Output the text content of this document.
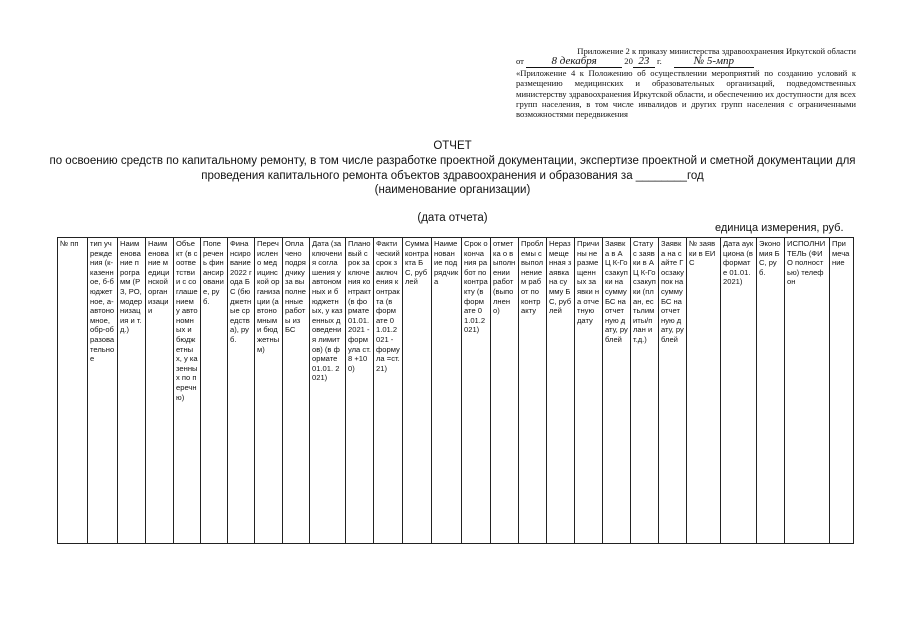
Приложение 2 к приказу министерства здравоохранения Иркутской области
от	8 декабря	20 23 г.	№ 5-мпр
«Приложение 4 к Положению об осуществлении мероприятий по созданию условий к размещению медицинских и образовательных организаций, подведомственных министерству здравоохранения Иркутской области, и обеспечению их доступности для всех групп населения, в том числе инвалидов и других групп населения с ограниченными возможностями передвижения
ОТЧЕТ
по освоению средств по капитальному ремонту, в том числе разработке проектной документации, экспертизе проектной и сметной документации для
проведения капитального ремонта объектов здравоохранения и образования за ________год
(наименование организации)
(дата отчета)
единица измерения, руб.
№ пп	тип учреждения (к-казенное, б-бюджетное, а-автономное, обр-образовательное	Наименование программ (РЗ, РО, модернизация и т.д.)	Наименование медицинской организации	Объект (в соответствии с соглашением у автономных и бюджетных, у казенных по перечню)	Поперечень финансирование, руб.	Финансирование 2022 года БС (бюджетные средства), руб.	Перечислено медицинской организации (автономным и бюджетным)	Оплачено подрядчику за выполненные работы из БС	Дата (заключения соглашения у автономных и бюджетных, у казенных доведения лимитов) (в формате 01.01. 2021)	Плановый срок заключения контракт (в формате 01.01.2021 - формула ст.8 +10 0)	Фактический срок заключения контракта (в формате 01.01.2021 - формула =ст. 21)	Сумма контракта БС, рублей	Наименование подрядчика	Срок окончания работ по контракту (в формате 01.01.2021)	отметка о выполнении работ (выполнено)	Проблемы с выполнением работ по контракту	Неразмещенная заявка на сумму БС, рублей	Причины неразмещенных заявки на отчетную дату	Заявка в АЦ К-Госзакупки на сумму БС на отчетную дату, рублей	Статус заявки в АЦ К-Госзакупки (план, естьлимиты/план и т.д.)	Заявка на сайте Госзакупок на сумму БС на отчетную дату, рублей	№ заявки в ЕИС	Дата аукциона (в формате 01.01.2021)	Экономия БС, руб.	ИСПОЛНИТЕЛЬ (ФИО полностью) телефон	Примечание
